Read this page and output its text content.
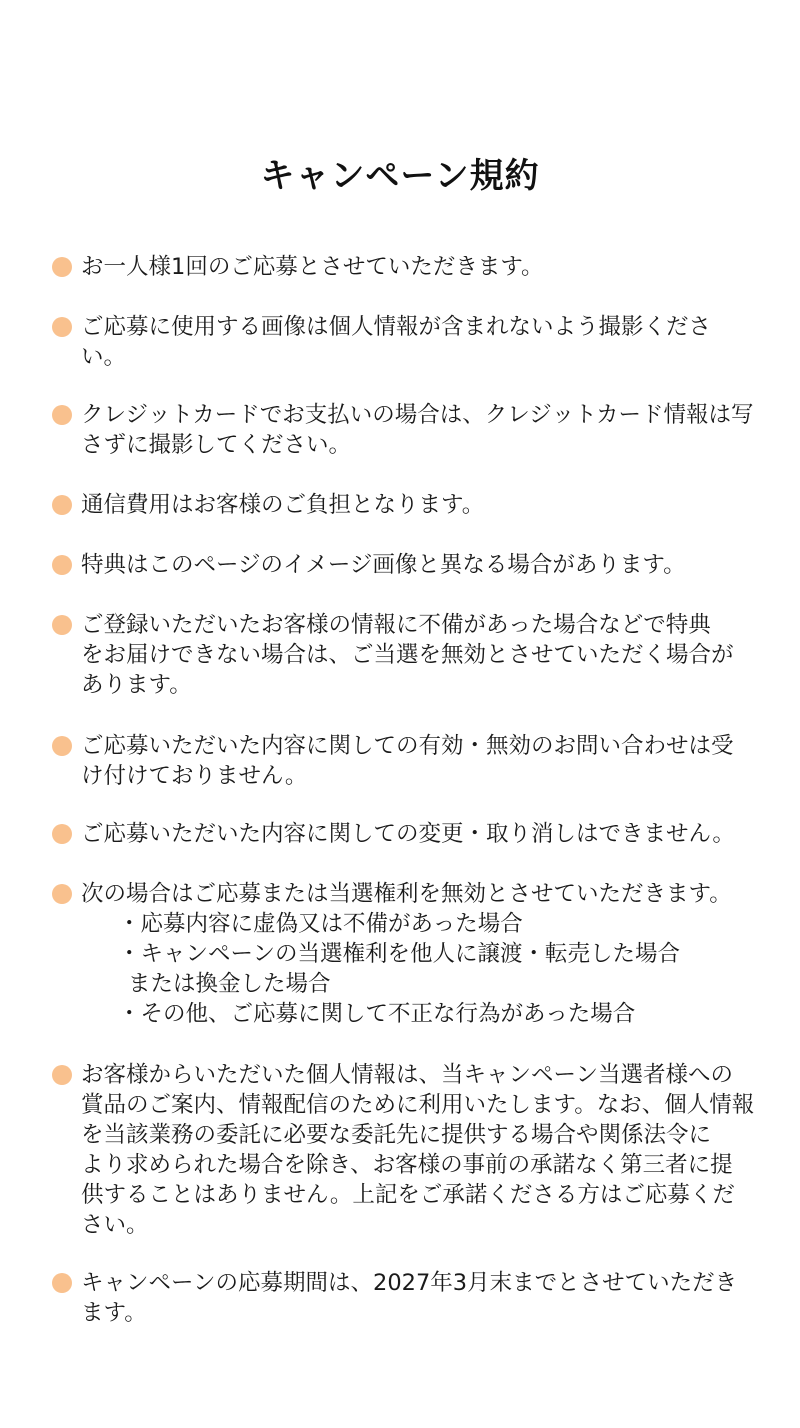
キャンペーン規約
お一人様1回のご応募とさせていただきます。
ご応募に使用する画像は個人情報が含まれないよう撮影くださ
い。
クレジットカードでお支払いの場合は、クレジットカード情報は写
さずに撮影してください。
通信費用はお客様のご負担となります。
特典はこのページのイメージ画像と異なる場合があります。
ご登録いただいたお客様の情報に不備があった場合などで特典
をお届けできない場合は、ご当選を無効とさせていただく場合が
あります。
ご応募いただいた内容に関しての有効・無効のお問い合わせは受
け付けておりません。
ご応募いただいた内容に関しての変更・取り消しはできません。
次の場合はご応募または当選権利を無効とさせていただきます。
・応募内容に虚偽又は不備があった場合
・キャンペーンの当選権利を他人に譲渡・転売した場合
または換金した場合
・その他、ご応募に関して不正な行為があった場合
お客様からいただいた個人情報は、当キャンペーン当選者様への
賞品のご案内、情報配信のために利用いたします。なお、個人情報
を当該業務の委託に必要な委託先に提供する場合や関係法令に
より求められた場合を除き、お客様の事前の承諾なく第三者に提
供することはありません。上記をご承諾くださる方はご応募くだ
さい。
キャンペーンの応募期間は、2027年3月末までとさせていただき
ます。
